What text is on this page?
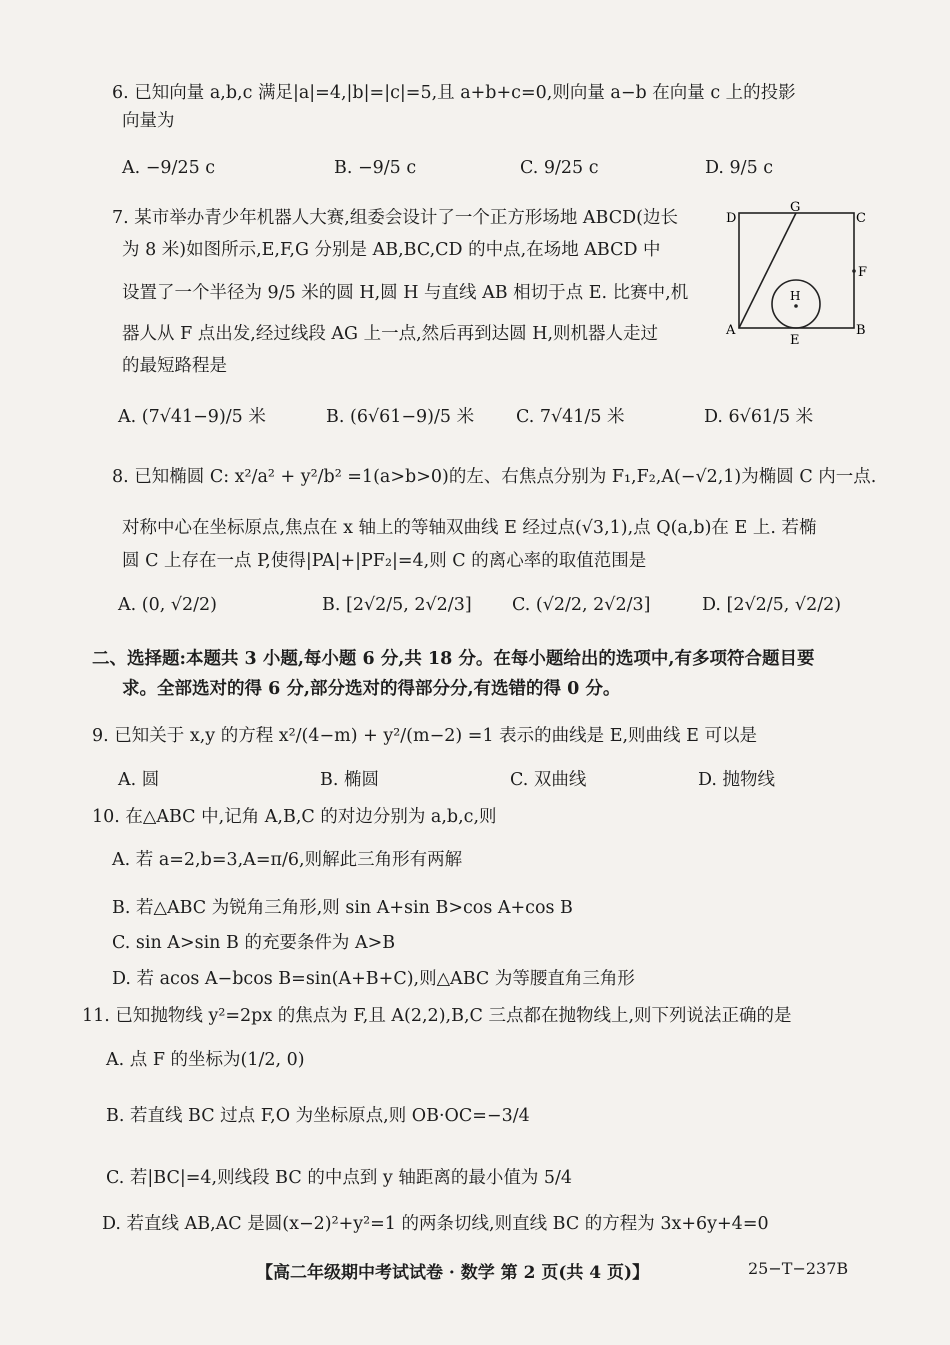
6. 已知向量 a,b,c 满足|a|=4,|b|=|c|=5,且 a+b+c=0,则向量 a−b 在向量 c 上的投影
向量为
A. −9/25 c	B. −9/5 c	C. 9/25 c	D. 9/5 c
7. 某市举办青少年机器人大赛,组委会设计了一个正方形场地 ABCD(边长
为 8 米)如图所示,E,F,G 分别是 AB,BC,CD 的中点,在场地 ABCD 中
设置了一个半径为 9/5 米的圆 H,圆 H 与直线 AB 相切于点 E. 比赛中,机
器人从 F 点出发,经过线段 AG 上一点,然后再到达圆 H,则机器人走过
的最短路程是
D
G
C
F
H
A
E
B
A. (7√41−9)/5 米	B. (6√61−9)/5 米 C. 7√41/5 米	D. 6√61/5 米
8. 已知椭圆 C: x²/a² + y²/b² =1(a>b>0)的左、右焦点分别为 F₁,F₂,A(−√2,1)为椭圆 C 内一点.
对称中心在坐标原点,焦点在 x 轴上的等轴双曲线 E 经过点(√3,1),点 Q(a,b)在 E 上. 若椭
圆 C 上存在一点 P,使得|PA|+|PF₂|=4,则 C 的离心率的取值范围是
A. (0, √2/2)	B. [2√2/5, 2√2/3] C. (√2/2, 2√2/3]	D. [2√2/5, √2/2)
二、选择题:本题共 3 小题,每小题 6 分,共 18 分。在每小题给出的选项中,有多项符合题目要
求。全部选对的得 6 分,部分选对的得部分分,有选错的得 0 分。
9. 已知关于 x,y 的方程 x²/(4−m) + y²/(m−2) =1 表示的曲线是 E,则曲线 E 可以是
A. 圆	B. 椭圆	C. 双曲线	D. 抛物线
10. 在△ABC 中,记角 A,B,C 的对边分别为 a,b,c,则
A. 若 a=2,b=3,A=π/6,则解此三角形有两解
B. 若△ABC 为锐角三角形,则 sin A+sin B>cos A+cos B
C. sin A>sin B 的充要条件为 A>B
D. 若 acos A−bcos B=sin(A+B+C),则△ABC 为等腰直角三角形
11. 已知抛物线 y²=2px 的焦点为 F,且 A(2,2),B,C 三点都在抛物线上,则下列说法正确的是
A. 点 F 的坐标为(1/2, 0)
B. 若直线 BC 过点 F,O 为坐标原点,则 OB·OC=−3/4
C. 若|BC|=4,则线段 BC 的中点到 y 轴距离的最小值为 5/4
D. 若直线 AB,AC 是圆(x−2)²+y²=1 的两条切线,则直线 BC 的方程为 3x+6y+4=0
【高二年级期中考试试卷 · 数学 第 2 页(共 4 页)】	25−T−237B
